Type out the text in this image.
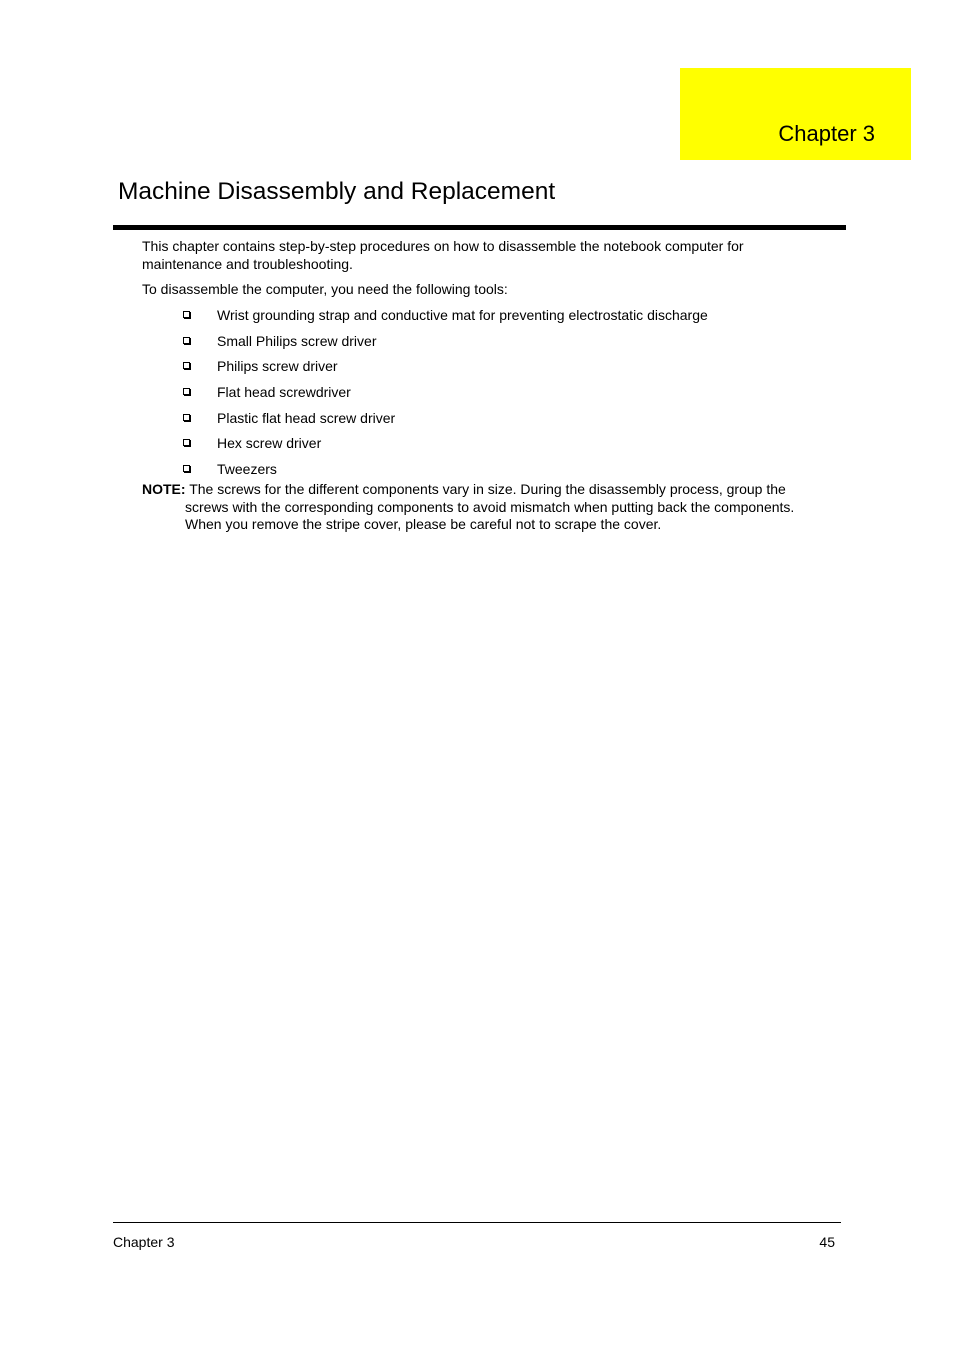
Chapter 3
Machine Disassembly and Replacement

This chapter contains step-by-step procedures on how to disassemble the notebook computer for maintenance and troubleshooting.

To disassemble the computer, you need the following tools:

Wrist grounding strap and conductive mat for preventing electrostatic discharge
Small Philips screw driver
Philips screw driver
Flat head screwdriver
Plastic flat head screw driver
Hex screw driver
Tweezers

NOTE: The screws for the different components vary in size. During the disassembly process, group the screws with the corresponding components to avoid mismatch when putting back the components. When you remove the stripe cover, please be careful not to scrape the cover.

Chapter 3	45
